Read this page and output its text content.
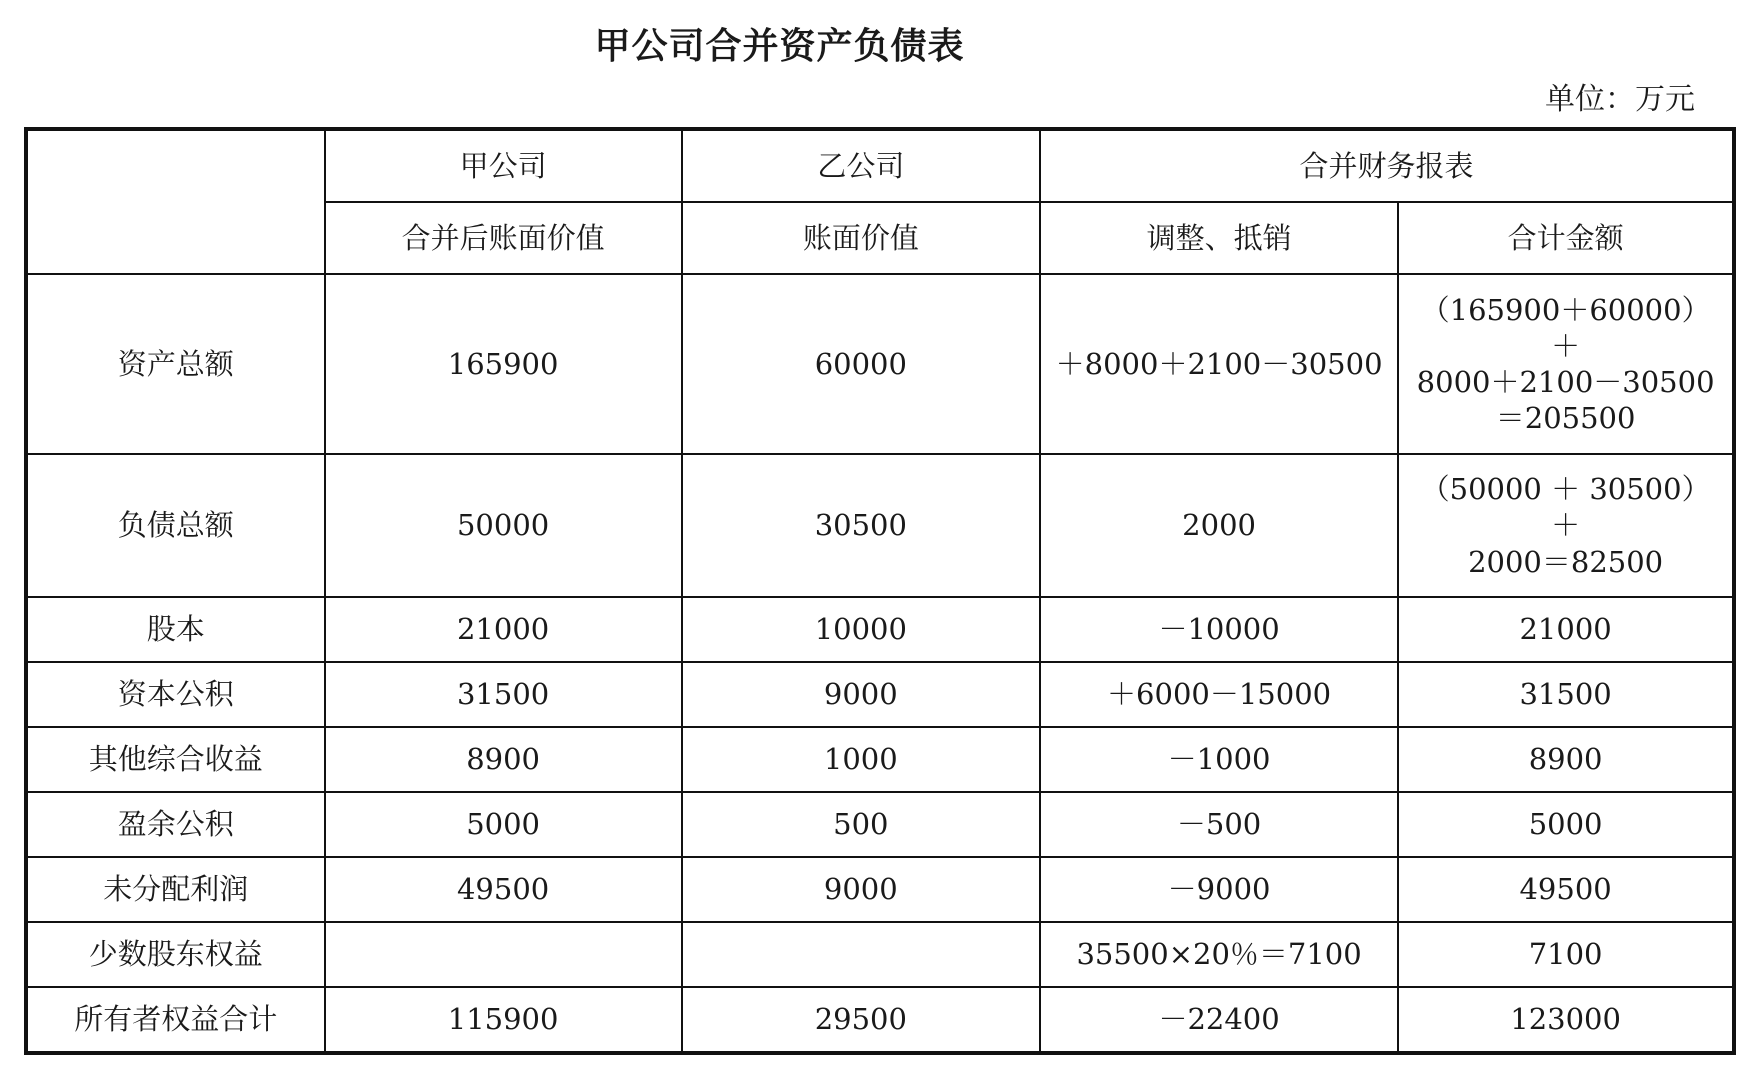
甲公司合并资产负债表
单位：万元
	甲公司	乙公司	合并财务报表	
	合并后账面价值	账面价值	调整、抵销	合计金额
资产总额	165900	60000	＋8000＋2100－30500	（165900＋60000）＋
8000＋2100－30500
＝205500

负债总额	50000	30500	2000	（50000 ＋ 30500）＋
2000＝82500

股本	21000	10000	－10000	21000
资本公积	31500	9000	＋6000－15000	31500
其他综合收益	8900	1000	－1000	8900
盈余公积	5000	500	－500	5000
未分配利润	49500	9000	－9000	49500
少数股东权益			35500×20％＝7100	7100
所有者权益合计	115900	29500	－22400	123000
